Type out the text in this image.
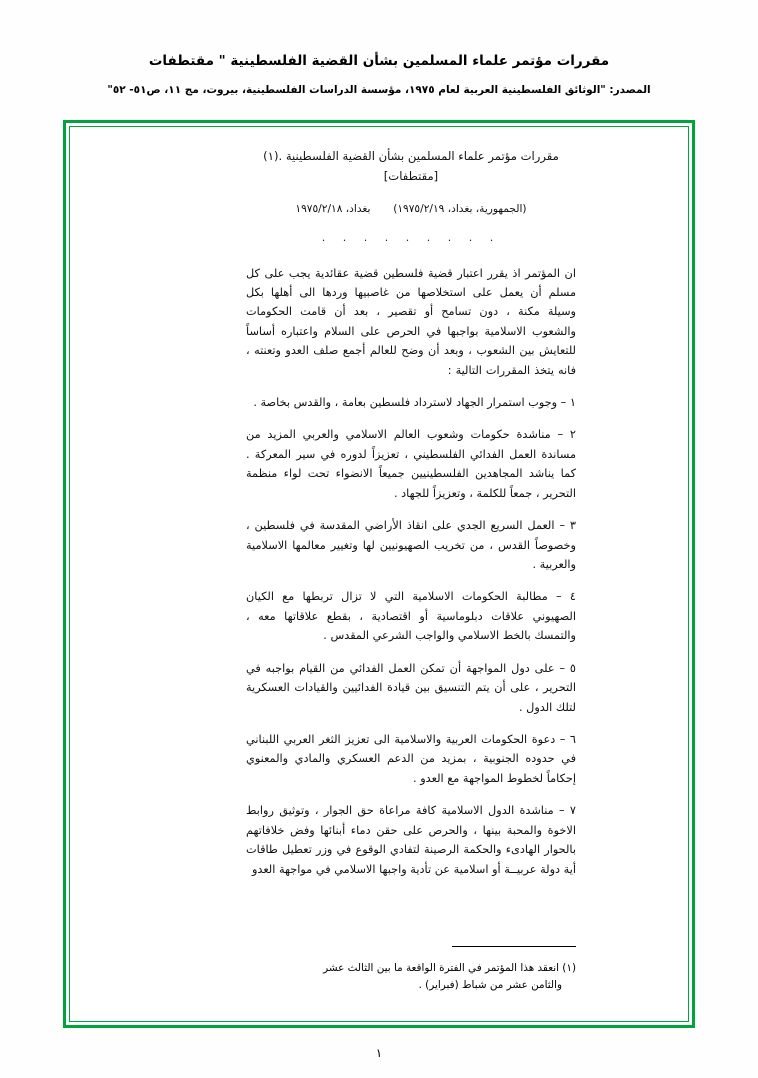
مقررات مؤتمر علماء المسلمين بشأن القضية الفلسطينية " مقتطفات
المصدر: "الوثائق الفلسطينية العربية لعام ١٩٧٥، مؤسسة الدراسات الفلسطينية، بيروت، مج ١١، ص٥١- ٥٢"
مقررات مؤتمر علماء المسلمين بشأن القضية الفلسطينية .(١)
[مقتطفات]
(الجمهورية، بغداد، ١٩٧٥/٢/١٩)  بغداد، ١٩٧٥/٢/١٨
. . . . . . . . .
ان المؤتمر اذ يقرر اعتبار قضية فلسطين قضية عقائدية يجب على كل مسلم أن يعمل على استخلاصها من غاصبيها وردها الى أهلها بكل وسيلة مكنة ، دون تسامح أو تقصير ، بعد أن قامت الحكومات والشعوب الاسلامية بواجبها في الحرص على السلام واعتباره أساساً للتعايش بين الشعوب ، وبعد أن وضح للعالم أجمع صلف العدو وتعنته ، فانه يتخذ المقررات التالية :
١ – وجوب استمرار الجهاد لاسترداد فلسطين بعامة ، والقدس بخاصة .
٢ – مناشدة حكومات وشعوب العالم الاسلامي والعربي المزيد من مساندة العمل الفدائي الفلسطيني ، تعزيزاً لدوره في سير المعركة . كما يناشد المجاهدين الفلسطينيين جميعاً الانضواء تحت لواء منظمة التحرير ، جمعاً للكلمة ، وتعزيزاً للجهاد .
٣ – العمل السريع الجدي على انقاذ الأراضي المقدسة في فلسطين ، وخصوصاً القدس ، من تخريب الصهيونيين لها وتغيير معالمها الاسلامية والعربية .
٤ – مطالبة الحكومات الاسلامية التي لا تزال تربطها مع الكيان الصهيوني علاقات دبلوماسية أو اقتصادية ، بقطع علاقاتها معه ، والتمسك بالخط الاسلامي والواجب الشرعي المقدس .
٥ – على دول المواجهة أن تمكن العمل الفدائي من القيام بواجبه في التحرير ، على أن يتم التنسيق بين قيادة الفدائيين والقيادات العسكرية لتلك الدول .
٦ – دعوة الحكومات العربية والاسلامية الى تعزيز الثغر العربي اللبناني في حدوده الجنوبية ، بمزيد من الدعم العسكري والمادي والمعنوي إحكاماً لخطوط المواجهة مع العدو .
٧ – مناشدة الدول الاسلامية كافة مراعاة حق الجوار ، وتوثيق روابط الاخوة والمحبة بينها ، والحرص على حقن دماء أبنائها وفض خلافاتهم بالحوار الهادىء والحكمة الرصينة لتفادي الوقوع في وزر تعطيل طاقات أية دولة عربيــة أو اسلامية عن تأدية واجبها الاسلامي في مواجهة العدو
(١) انعقد هذا المؤتمر في الفترة الواقعة ما بين الثالث عشر
والثامن عشر من شباط (فبراير) .
١
